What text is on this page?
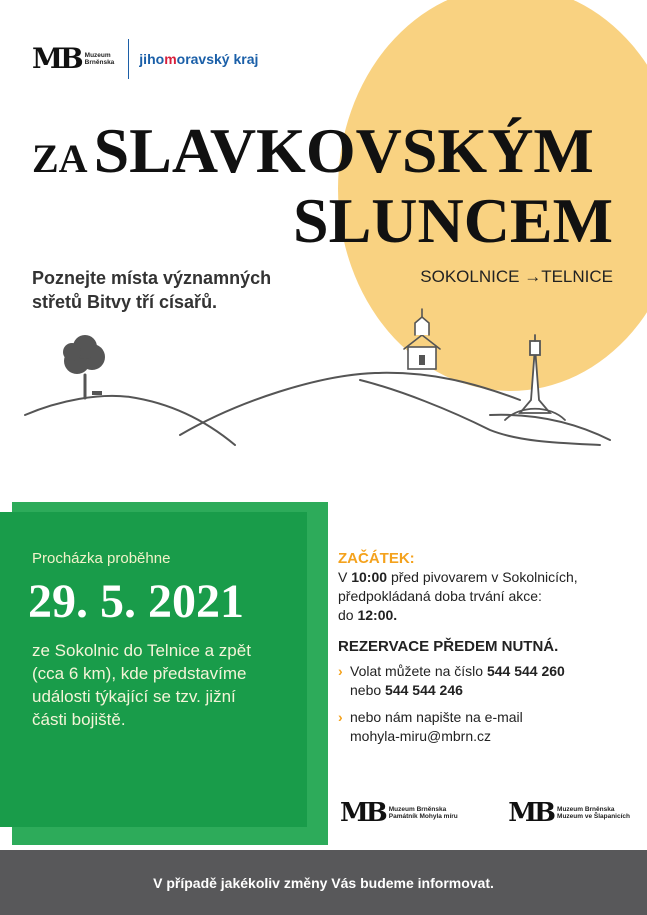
MB Muzeum
Brněnska jihomoravský kraj
ZASLAVKOVSKÝM
SLUNCEM
Poznejte místa významných
střetů Bitvy tří císařů.
SOKOLNICE →TELNICE
Procházka proběhne
29. 5. 2021
ze Sokolnic do Telnice a zpět
(cca 6 km), kde představíme
události týkající se tzv. jižní
části bojiště.
ZAČÁTEK:
V 10:00 před pivovarem v Sokolnicích,
předpokládaná doba trvání akce:
do 12:00.
REZERVACE PŘEDEM NUTNÁ.
› Volat můžete na číslo 544 544 260
nebo 544 544 246
› nebo nám napište na e-mail
mohyla-miru@mbrn.cz
MB Muzeum Brněnska
Památník Mohyla míru MB Muzeum Brněnska
Muzeum ve Šlapanicích
V případě jakékoliv změny Vás budeme informovat.
